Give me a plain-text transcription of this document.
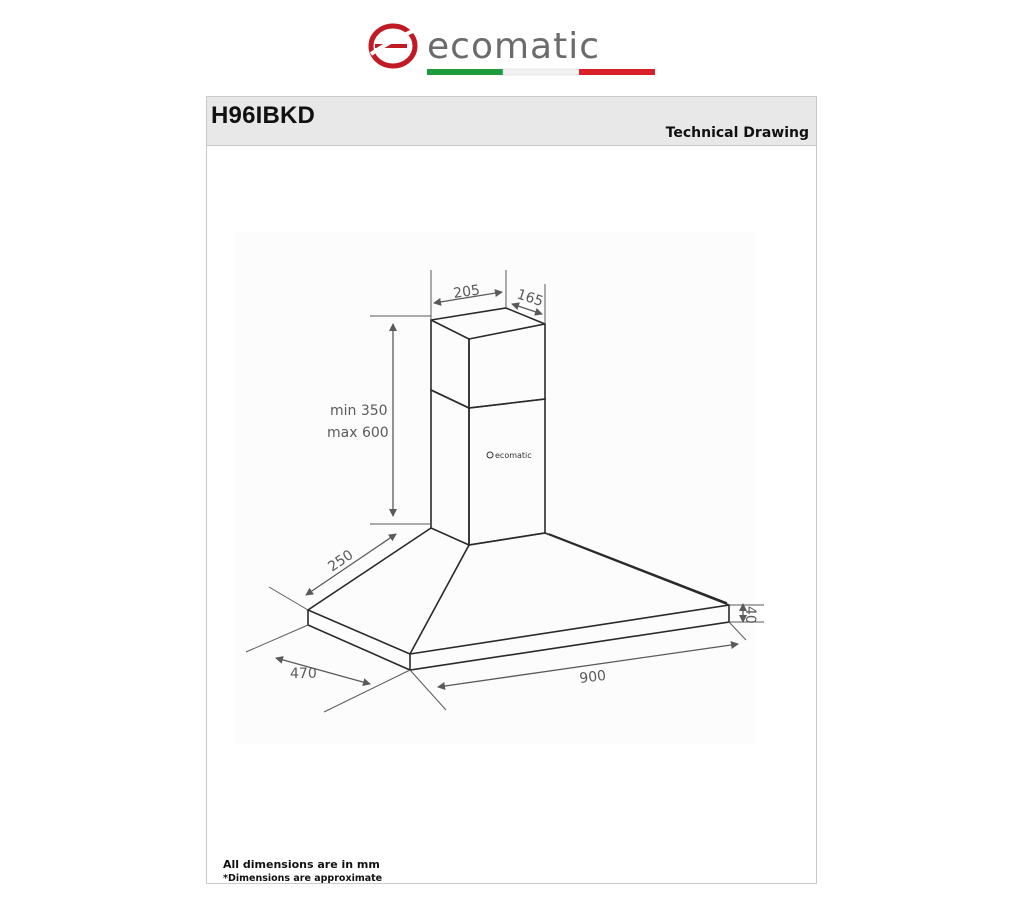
ecomatic
H96IBKD
Technical Drawing
ecomatic
205 165
min 350
max 600
250
470	900
40
All dimensions are in mm
*Dimensions are approximate
